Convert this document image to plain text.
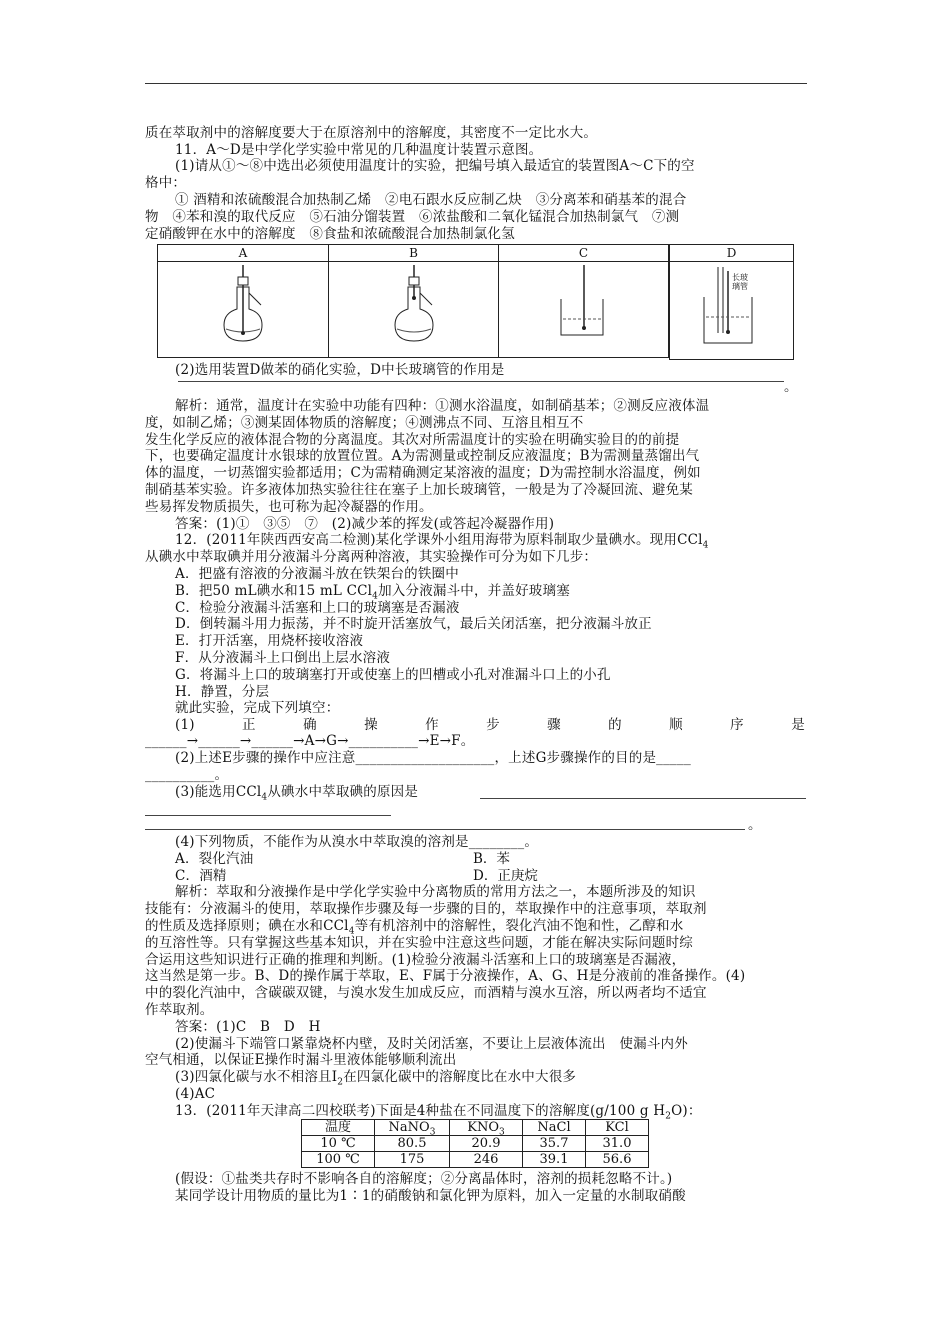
质在萃取剂中的溶解度要大于在原溶剂中的溶解度，其密度不一定比水大。
11．A～D是中学化学实验中常见的几种温度计装置示意图。
(1)请从①～⑧中选出必须使用温度计的实验，把编号填入最适宜的装置图A～C下的空
格中：
① 酒精和浓硫酸混合加热制乙烯　②电石跟水反应制乙炔　③分离苯和硝基苯的混合
物　④苯和溴的取代反应　⑤石油分馏装置　⑥浓盐酸和二氧化锰混合加热制氯气　⑦测
定硝酸钾在水中的溶解度　⑧食盐和浓硫酸混合加热制氯化氢
A	B	C	D
长玻
璃管
(2)选用装置D做苯的硝化实验，D中长玻璃管的作用是
。
解析：通常，温度计在实验中功能有四种：①测水浴温度，如制硝基苯；②测反应液体温
度，如制乙烯；③测某固体物质的溶解度；④测沸点不同、互溶且相互不
发生化学反应的液体混合物的分离温度。其次对所需温度计的实验在明确实验目的的前提
下，也要确定温度计水银球的放置位置。A为需测量或控制反应液温度；B为需测量蒸馏出气
体的温度，一切蒸馏实验都适用；C为需精确测定某溶液的温度；D为需控制水浴温度，例如
制硝基苯实验。许多液体加热实验往往在塞子上加长玻璃管，一般是为了冷凝回流、避免某
些易挥发物质损失，也可称为起冷凝器的作用。
答案：(1)①　③⑤　⑦　(2)减少苯的挥发(或答起冷凝器作用)
12．(2011年陕西西安高二检测)某化学课外小组用海带为原料制取少量碘水。现用CCl$_4$
从碘水中萃取碘并用分液漏斗分离两种溶液，其实验操作可分为如下几步：
A．把盛有溶液的分液漏斗放在铁架台的铁圈中
B．把50 mL碘水和15 mL CCl$_4$加入分液漏斗中，并盖好玻璃塞
C．检验分液漏斗活塞和上口的玻璃塞是否漏液
D．倒转漏斗用力振荡，并不时旋开活塞放气，最后关闭活塞，把分液漏斗放正
E．打开活塞，用烧杯接收溶液
F．从分液漏斗上口倒出上层水溶液
G．将漏斗上口的玻璃塞打开或使塞上的凹槽或小孔对准漏斗口上的小孔
H．静置，分层
就此实验，完成下列填空：
(1)	正	确	操	作	步	骤	的	顺	序	是
______→______→______→A→G→__________→E→F。
(2)上述E步骤的操作中应注意____________________，上述G步骤操作的目的是_____
__________。
(3)能选用CCl$_4$从碘水中萃取碘的原因是
。
(4)下列物质，不能作为从溴水中萃取溴的溶剂是________。
A．裂化汽油	B．苯
C．酒精	D．正庚烷
解析：萃取和分液操作是中学化学实验中分离物质的常用方法之一，本题所涉及的知识
技能有：分液漏斗的使用，萃取操作步骤及每一步骤的目的，萃取操作中的注意事项，萃取剂
的性质及选择原则；碘在水和CCl$_4$等有机溶剂中的溶解性，裂化汽油不饱和性，乙醇和水
的互溶性等。只有掌握这些基本知识，并在实验中注意这些问题，才能在解决实际问题时综
合运用这些知识进行正确的推理和判断。(1)检验分液漏斗活塞和上口的玻璃塞是否漏液，
这当然是第一步。B、D的操作属于萃取，E、F属于分液操作，A、G、H是分液前的准备操作。(4)
中的裂化汽油中，含碳碳双键，与溴水发生加成反应，而酒精与溴水互溶，所以两者均不适宜
作萃取剂。
答案：(1)C　B　D　H
(2)使漏斗下端管口紧靠烧杯内壁，及时关闭活塞，不要让上层液体流出　使漏斗内外
空气相通，以保证E操作时漏斗里液体能够顺利流出
(3)四氯化碳与水不相溶且$I_2$在四氯化碳中的溶解度比在水中大很多
(4)AC
13．(2011年天津高二四校联考)下面是4种盐在不同温度下的溶解度(g/100 g $H_2O$)：
温度	NaNO$_3$	$KNO_3$	NaCl	KCl
10 ℃	80.5	20.9	35.7	31.0
100 ℃	175	246	39.1	56.6
(假设：①盐类共存时不影响各自的溶解度；②分离晶体时，溶剂的损耗忽略不计。)
某同学设计用物质的量比为1∶1的硝酸钠和氯化钾为原料，加入一定量的水制取硝酸
